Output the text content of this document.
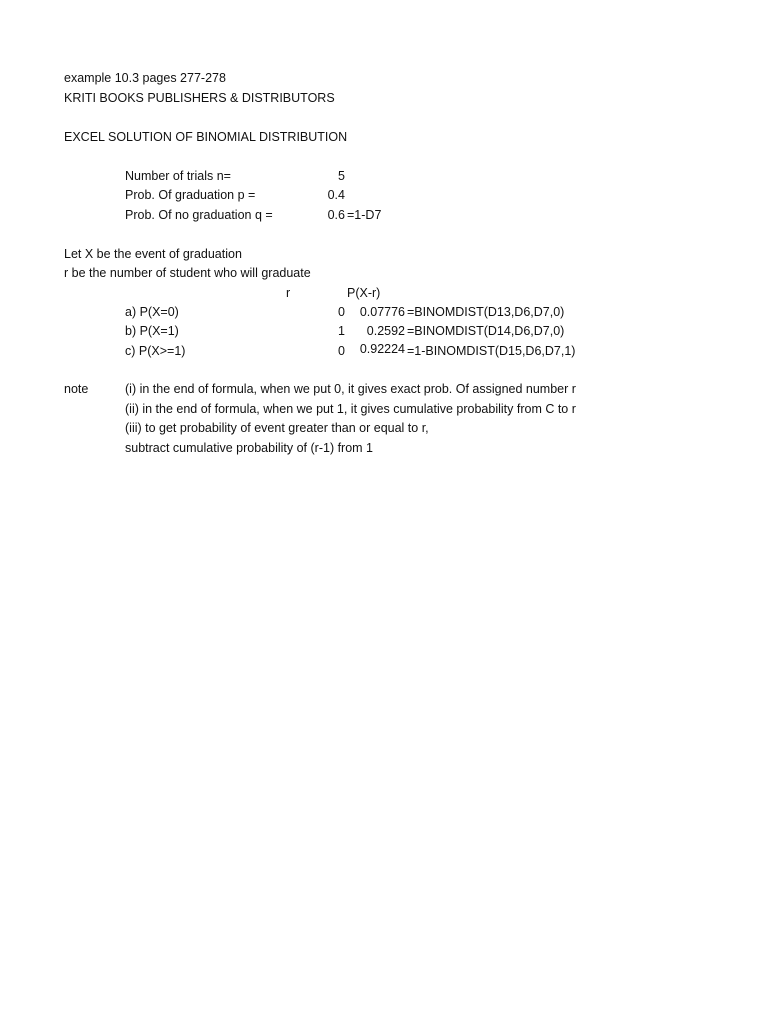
example 10.3 pages 277-278
KRITI BOOKS PUBLISHERS & DISTRIBUTORS
EXCEL SOLUTION OF BINOMIAL DISTRIBUTION
Number of trials n=	5
Prob. Of graduation p =	0.4
Prob. Of no graduation q =	0.6 =1-D7
Let X be the event of graduation
r be the number of student who will graduate
r	P(X-r)
a) P(X=0)	0	0.07776 =BINOMDIST(D13,D6,D7,0)
b) P(X=1)	1	0.2592 =BINOMDIST(D14,D6,D7,0)
c) P(X>=1)	0	0.92224 =1-BINOMDIST(D15,D6,D7,1)
note	(i) in the end of formula, when we put 0, it gives exact prob. Of assigned number r
(ii) in the end of formula, when we put 1, it gives cumulative probability from C to r
(iii) to get probability of event greater than or equal to r,
subtract cumulative probability of (r-1) from 1
